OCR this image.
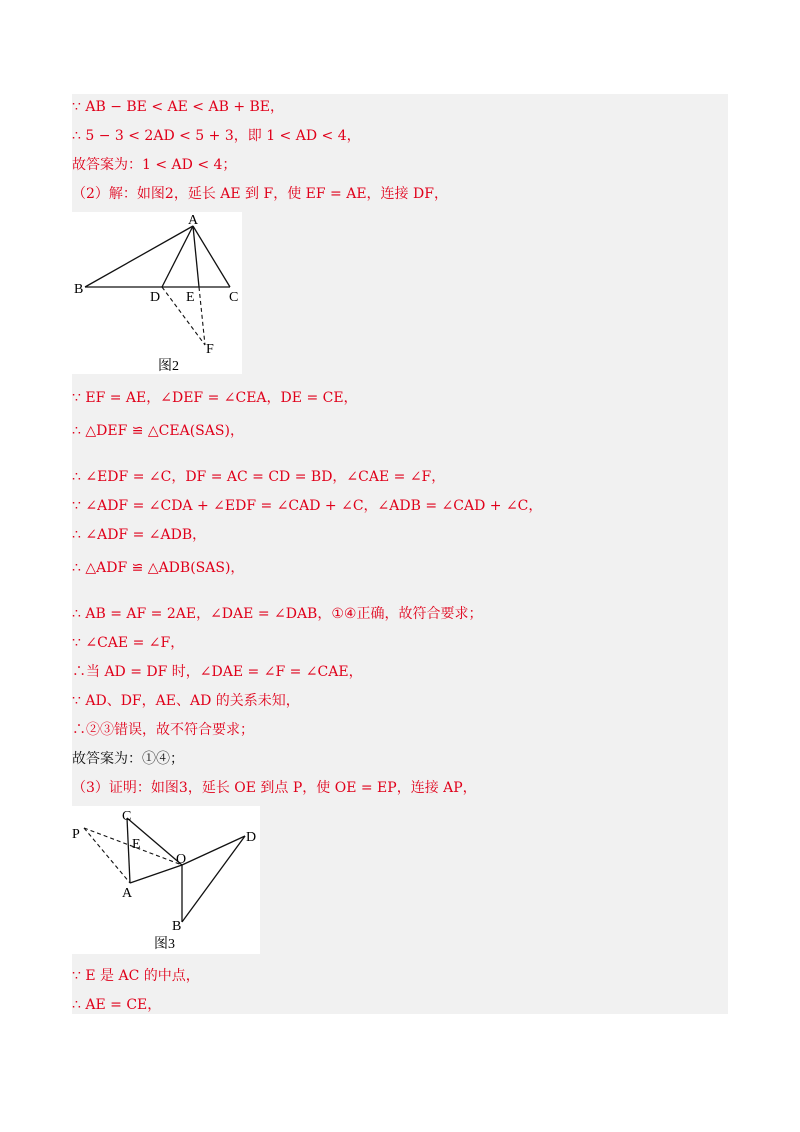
∵ AB − BE < AE < AB + BE，
∴ 5 − 3 < 2AD < 5 + 3，即 1 < AD < 4，
故答案为：1 < AD < 4；
（2）解：如图2，延长 AE 到 F，使 EF = AE，连接 DF，
A
B
C
D E
F
图2
∵ EF = AE，∠DEF = ∠CEA，DE = CE，
∴ △DEF ≌ △CEA(SAS)，
∴ ∠EDF = ∠C，DF = AC = CD = BD，∠CAE = ∠F，
∵ ∠ADF = ∠CDA + ∠EDF = ∠CAD + ∠C，∠ADB = ∠CAD + ∠C，
∴ ∠ADF = ∠ADB，
∴ △ADF ≌ △ADB(SAS)，
∴ AB = AF = 2AE，∠DAE = ∠DAB，①④正确，故符合要求；
∵ ∠CAE = ∠F，
∴当 AD = DF 时，∠DAE = ∠F = ∠CAE，
∵ AD、DF，AE、AD 的关系未知，
∴②③错误，故不符合要求；
故答案为：①④；
（3）证明：如图3，延长 OE 到点 P，使 OE = EP，连接 AP，
P
C
E
O
D
A
B
图3
∵ E 是 AC 的中点，
∴ AE = CE，
